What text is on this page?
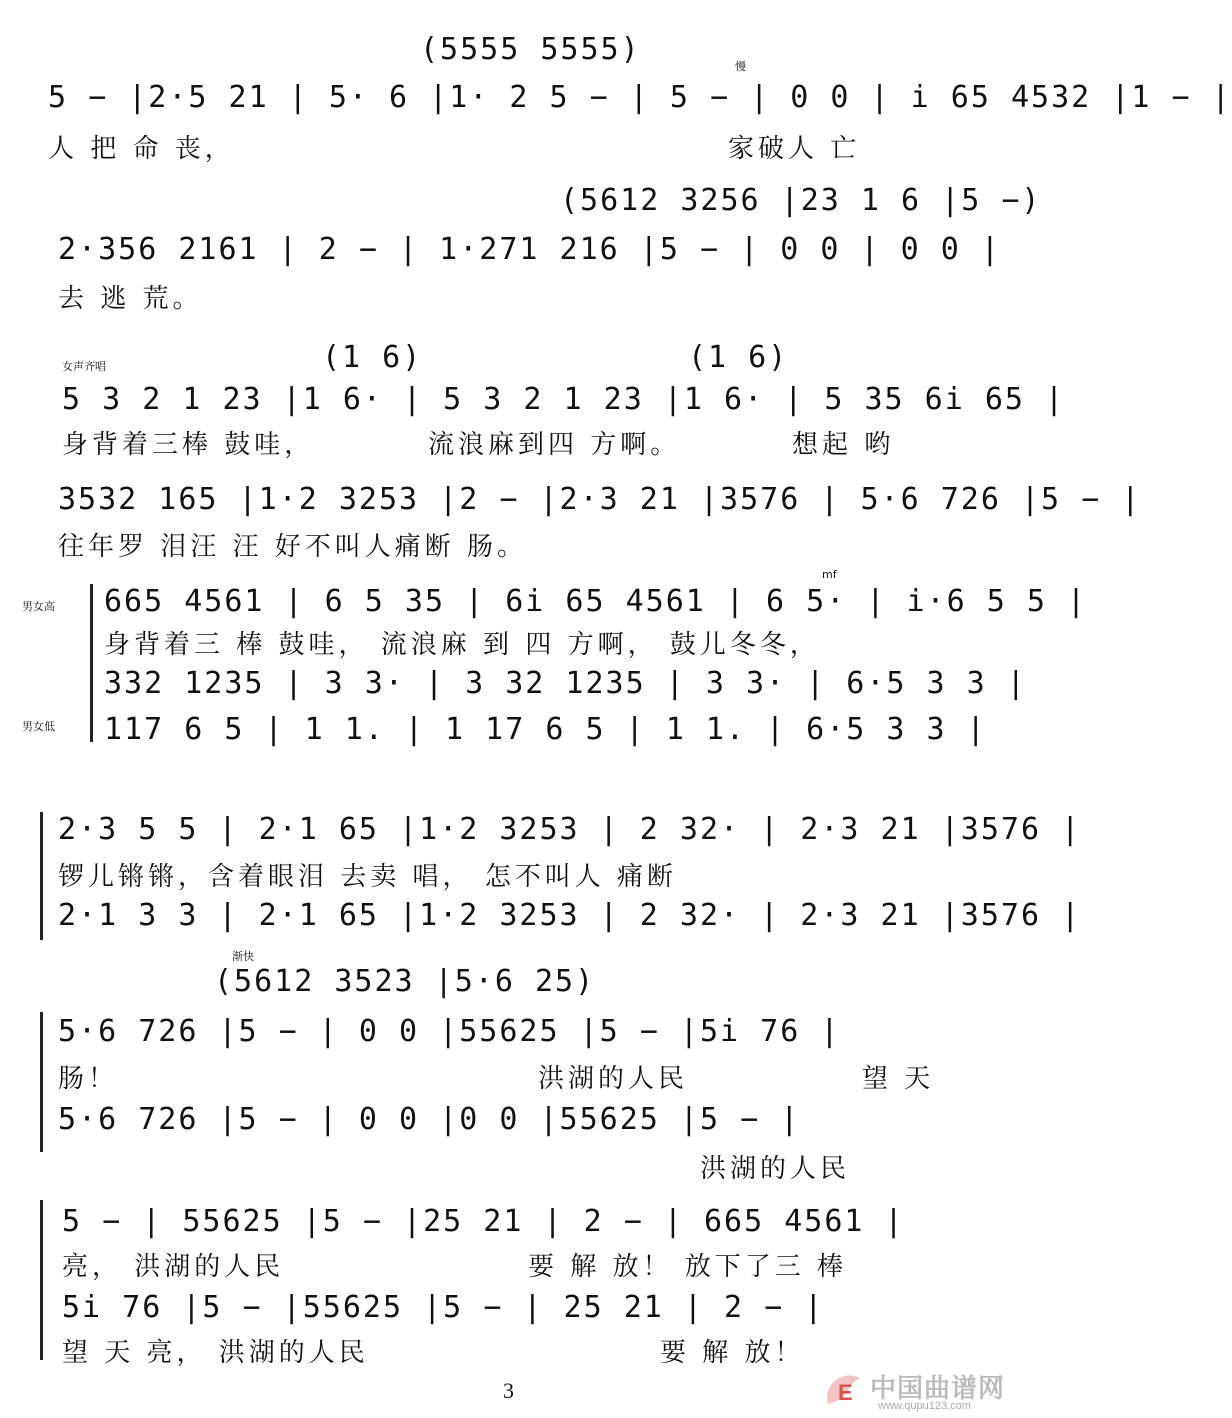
(5555 5555)	慢
5 − |2·5 21 | 5· 6 |1· 2 5 − | 5 − | 0 0 | i 65 4532 |1 − |
人 把 命 丧，	家破人 亡
(5612 3256 |23 1 6 |5 −)
2·356 2161 | 2 − | 1·271 216 |5 − | 0 0 | 0 0 |
去 逃 荒。
女声齐唱	(1 6)	(1 6)
5 3 2 1 23 |1 6· | 5 3 2 1 23 |1 6· | 5 35 6i 65 |
身背着三棒 鼓哇，	流浪麻到四 方啊。	想起 哟
3532 165 |1·2 3253 |2 − |2·3 21 |3576 | 5·6 726 |5 − |
往年罗 泪汪 汪 好不叫人痛断 肠。
男女高
男女低
mf
665 4561 | 6 5 35 | 6i 65 4561 | 6 5· | i·6 5 5 |
身背着三 棒 鼓哇， 流浪麻 到 四 方啊， 鼓儿冬冬，
332 1235 | 3 3· | 3 32 1235 | 3 3· | 6·5 3 3 |
117 6 5 | 1 1. | 1 17 6 5 | 1 1. | 6·5 3 3 |
2·3 5 5 | 2·1 65 |1·2 3253 | 2 32· | 2·3 21 |3576 |
锣儿锵锵，含着眼泪 去卖 唱， 怎不叫人 痛断
2·1 3 3 | 2·1 65 |1·2 3253 | 2 32· | 2·3 21 |3576 |
渐快
(5612 3523 |5·6 25)
5·6 726 |5 − | 0 0 |55625 |5 − |5i 76 |
肠！	洪湖的人民	望 天
5·6 726 |5 − | 0 0 |0 0 |55625 |5 − |
洪湖的人民
5 − | 55625 |5 − |25 21 | 2 − | 665 4561 |
亮， 洪湖的人民	要 解 放！ 放下了三 棒
5i 76 |5 − |55625 |5 − | 25 21 | 2 − |
望 天 亮， 洪湖的人民	要 解 放！
3	E 中国曲谱网
www.qupu123.com
